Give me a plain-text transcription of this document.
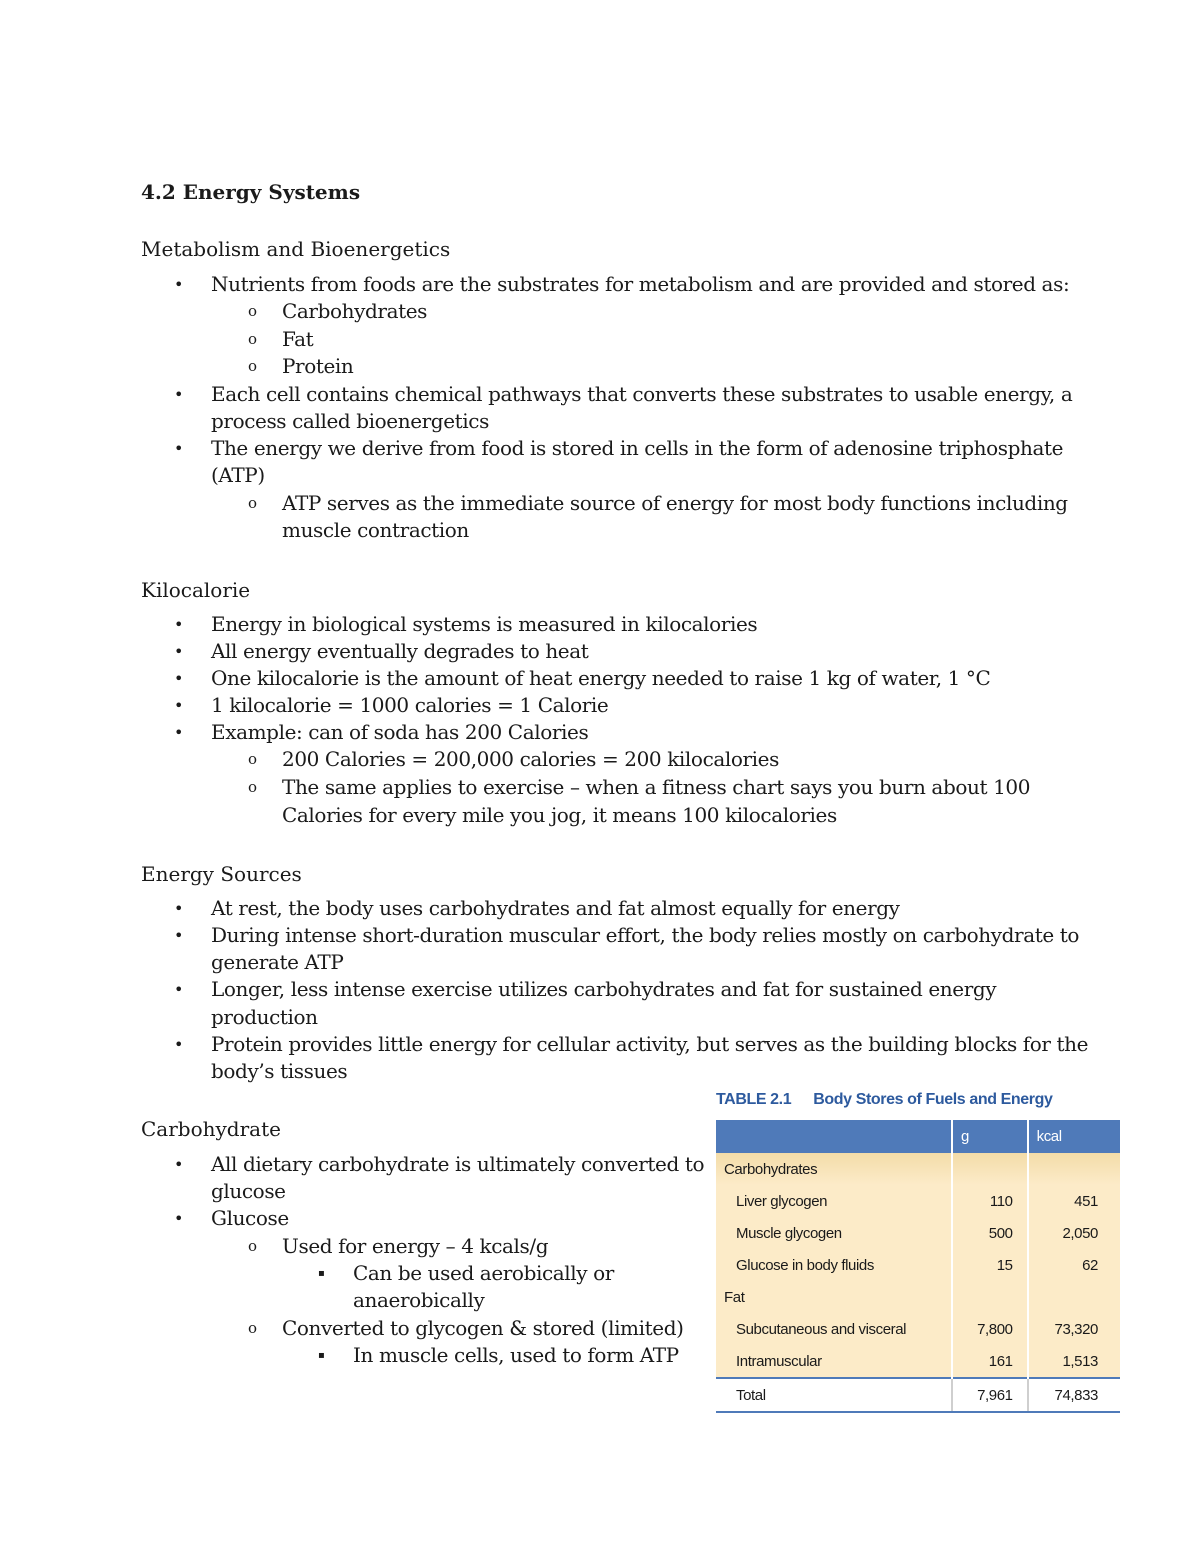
4.2 Energy Systems
Metabolism and Bioenergetics
• Nutrients from foods are the substrates for metabolism and are provided and stored as:
o Carbohydrates
o Fat
o Protein
• Each cell contains chemical pathways that converts these substrates to usable energy, a
process called bioenergetics
• The energy we derive from food is stored in cells in the form of adenosine triphosphate
(ATP)
o ATP serves as the immediate source of energy for most body functions including
muscle contraction
Kilocalorie
• Energy in biological systems is measured in kilocalories
• All energy eventually degrades to heat
• One kilocalorie is the amount of heat energy needed to raise 1 kg of water, 1 °C
• 1 kilocalorie = 1000 calories = 1 Calorie
• Example: can of soda has 200 Calories
o 200 Calories = 200,000 calories = 200 kilocalories
o The same applies to exercise – when a fitness chart says you burn about 100
Calories for every mile you jog, it means 100 kilocalories
Energy Sources
• At rest, the body uses carbohydrates and fat almost equally for energy
• During intense short-duration muscular effort, the body relies mostly on carbohydrate to
generate ATP
• Longer, less intense exercise utilizes carbohydrates and fat for sustained energy
production
• Protein provides little energy for cellular activity, but serves as the building blocks for the
body’s tissues
Carbohydrate
• All dietary carbohydrate is ultimately converted to
glucose
• Glucose
o Used for energy – 4 kcals/g
▪ Can be used aerobically or
anaerobically
o Converted to glycogen & stored (limited)
▪ In muscle cells, used to form ATP
TABLE 2.1 Body Stores of Fuels and Energy
	g	kcal
Carbohydrates		
Liver glycogen	110	451
Muscle glycogen	500	2,050
Glucose in body fluids	15	62
Fat		
Subcutaneous and visceral	7,800	73,320
Intramuscular	161	1,513
Total	7,961	74,833
